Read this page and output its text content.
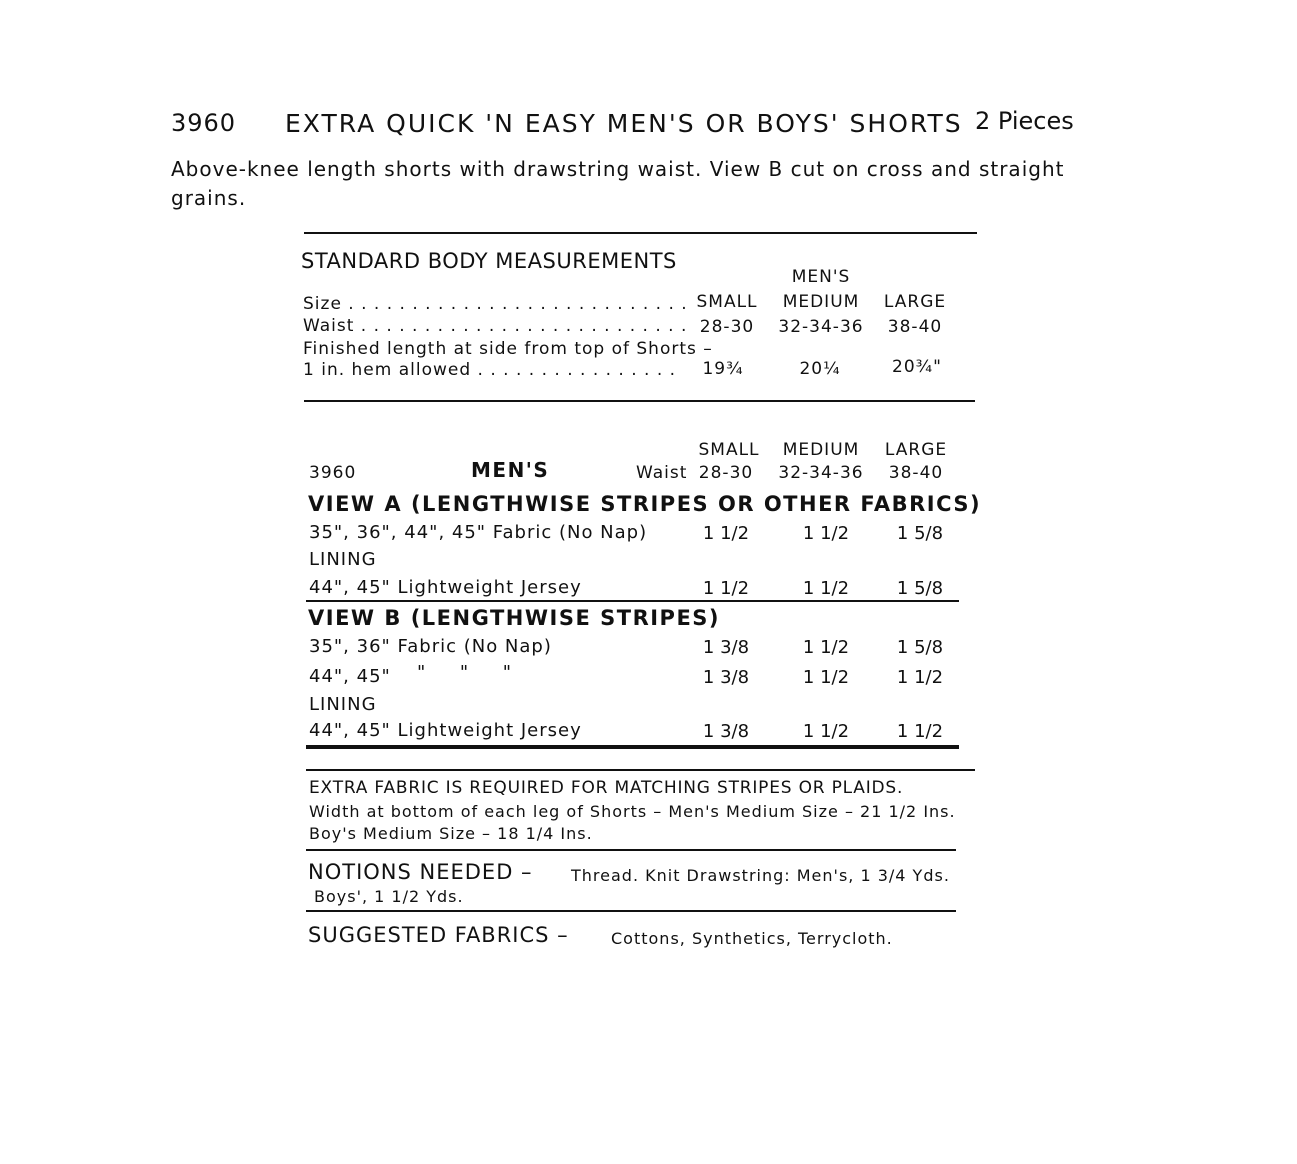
3960 EXTRA QUICK 'N EASY MEN'S OR BOYS' SHORTS 2 Pieces
Above-knee length shorts with drawstring waist. View B cut on cross and straight
grains.
STANDARD BODY MEASUREMENTS
MEN'S
Size . . . . . . . . . . . . . . . . . . . . . . . . . . . SMALL	MEDIUM	LARGE
Waist . . . . . . . . . . . . . . . . . . . . . . . . . . 28-30	32-34-36	38-40
Finished length at side from top of Shorts –
1 in. hem allowed . . . . . . . . . . . . . . . .	19¾	20¼	20¾"
SMALL	MEDIUM	LARGE
3960	MEN'S	Waist 28-30	32-34-36	38-40
VIEW A (LENGTHWISE STRIPES OR OTHER FABRICS)
35", 36", 44", 45" Fabric (No Nap)	1 1/2	1 1/2	1 5/8
LINING
44", 45" Lightweight Jersey	1 1/2	1 1/2	1 5/8
VIEW B (LENGTHWISE STRIPES)
35", 36" Fabric (No Nap)	1 3/8	1 1/2	1 5/8
44", 45" "     "     "	1 3/8	1 1/2	1 1/2
LINING
44", 45" Lightweight Jersey	1 3/8	1 1/2	1 1/2
EXTRA FABRIC IS REQUIRED FOR MATCHING STRIPES OR PLAIDS.
Width at bottom of each leg of Shorts – Men's Medium Size – 21 1/2 Ins.
Boy's Medium Size – 18 1/4 Ins.
NOTIONS NEEDED – Thread. Knit Drawstring: Men's, 1 3/4 Yds.
Boys', 1 1/2 Yds.
SUGGESTED FABRICS –	Cottons, Synthetics, Terrycloth.
